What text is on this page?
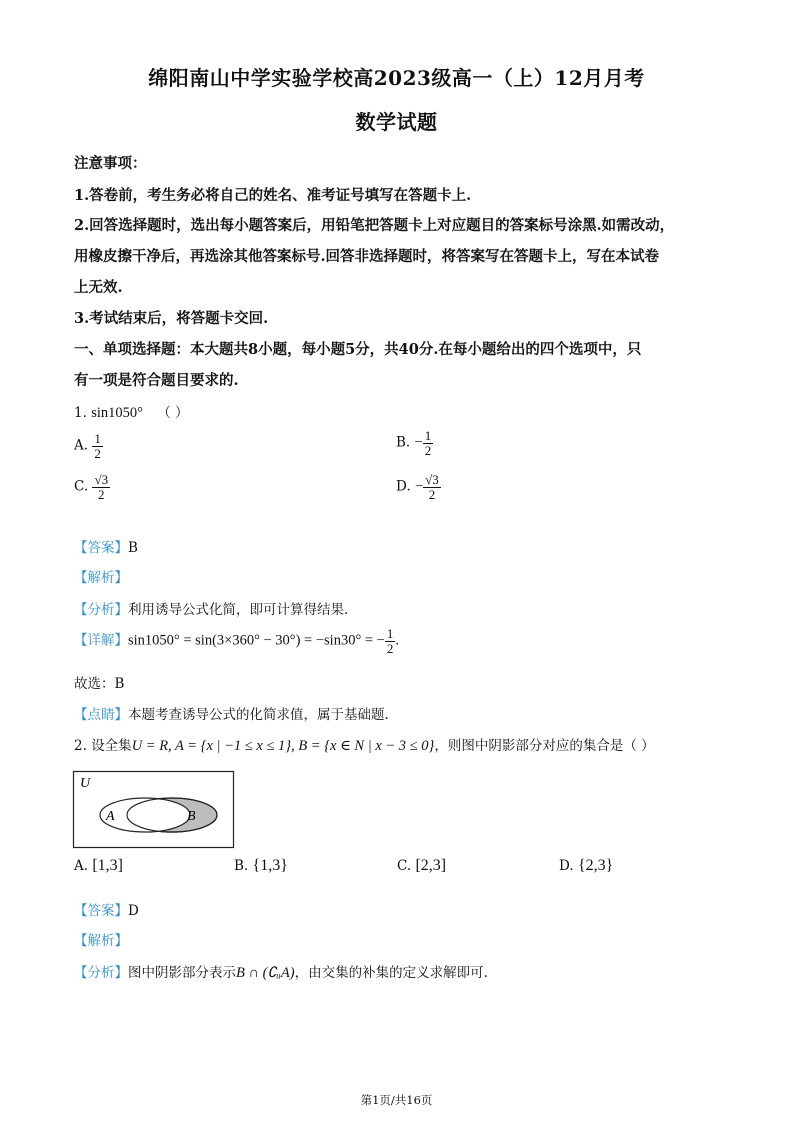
绵阳南山中学实验学校高2023级高一（上）12月月考
数学试题
注意事项：
1.答卷前，考生务必将自己的姓名、准考证号填写在答题卡上.
2.回答选择题时，选出每小题答案后，用铅笔把答题卡上对应题目的答案标号涂黑.如需改动，
用橡皮擦干净后，再选涂其他答案标号.回答非选择题时，将答案写在答题卡上，写在本试卷
上无效.
3.考试结束后，将答题卡交回.
一、单项选择题：本大题共8小题，每小题5分，共40分.在每小题给出的四个选项中，只
有一项是符合题目要求的.
1. sin1050° （ ）
A. $\frac{1}{2}$	B. − $\frac{1}{2}$
C. $\frac{√3}{2}$	D. − $\frac{√3}{2}$
【答案】B
【解析】
【分析】利用诱导公式化简，即可计算得结果.
【详解】sin1050° = sin(3×360° − 30°) = −sin30° = − $\frac{1}{2}$ .
故选：B
【点睛】本题考查诱导公式的化简求值，属于基础题.
2. 设全集U = R, A = {x | −1 ≤ x ≤ 1}, B = {x ∈ N | x − 3 ≤ 0}，则图中阴影部分对应的集合是（ ）
U
A	B
A. [1,3]	B. {1,3}	C. [2,3]	D. {2,3}
【答案】D
【解析】
【分析】图中阴影部分表示B ∩ (∁ᵤA)，由交集的补集的定义求解即可.
第1页/共16页
